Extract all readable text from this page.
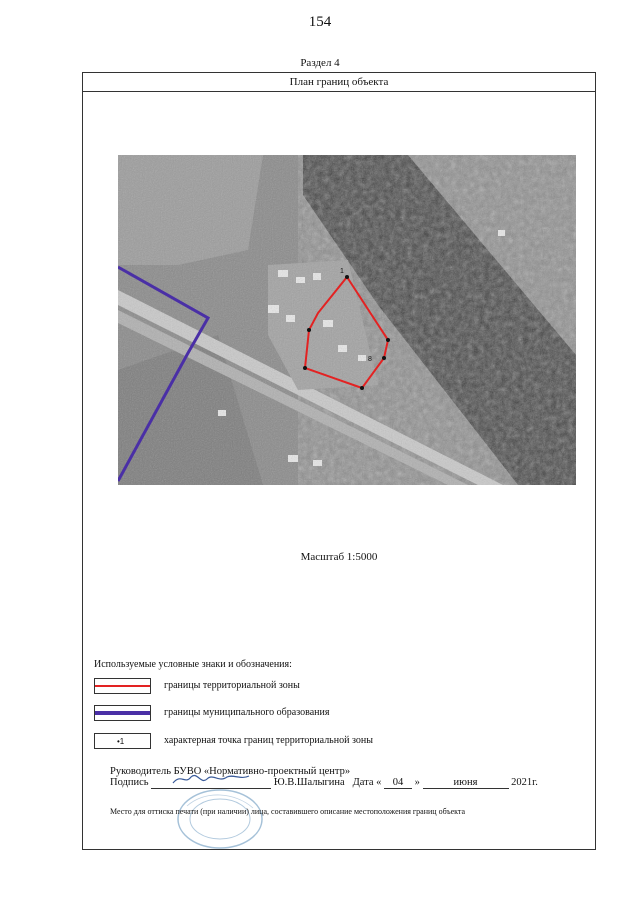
154
Раздел 4
План границ объекта
1
8
Масштаб 1:5000
Используемые условные знаки и обозначения:
границы территориальной зоны
границы муниципального образования
•1	характерная точка границ территориальной зоны
Руководитель БУВО «Нормативно-проектный центр»
Подпись	Ю.В.Шалыгина Дата « 04 »	июня	2021г.
Место для оттиска печати (при наличии) лица, составившего описание местоположения границ объекта
